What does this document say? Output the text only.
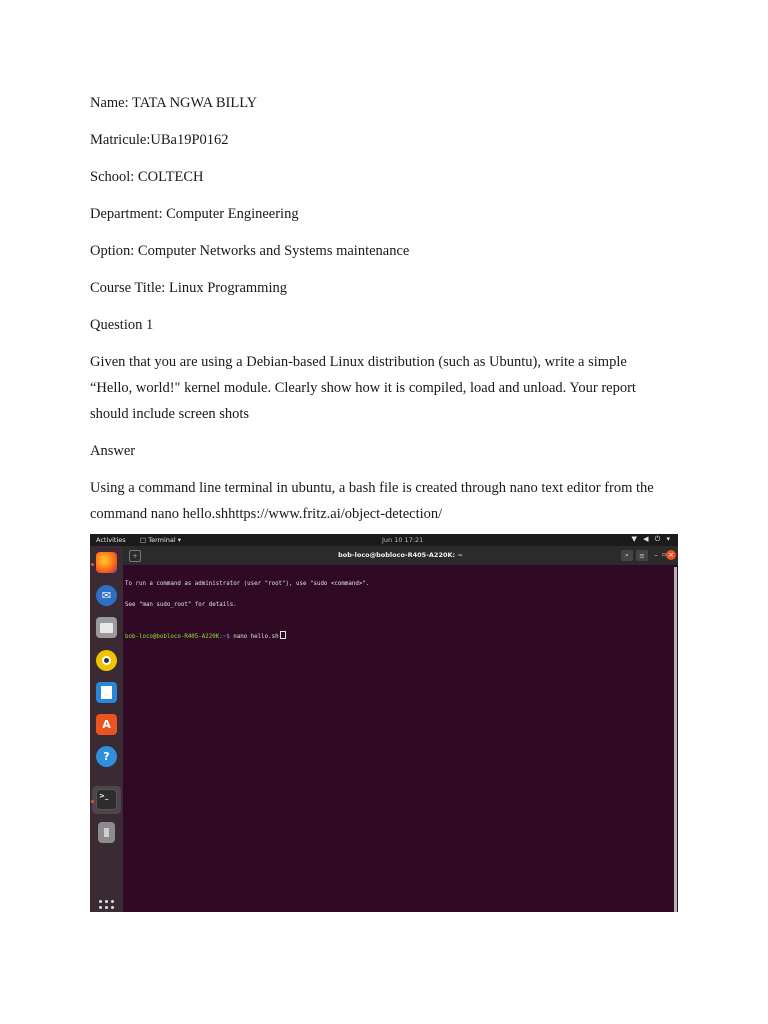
Name: TATA NGWA BILLY

Matricule:UBa19P0162

School: COLTECH

Department: Computer Engineering

Option: Computer Networks and Systems maintenance

Course Title: Linux Programming

Question 1

Given that you are using a Debian-based Linux distribution (such as Ubuntu), write a simple “Hello, world!" kernel module. Clearly show how it is compiled, load and unload. Your report should include screen shots

Answer

Using a command line terminal in ubuntu, a bash file is created through nano text editor from the command nano hello.shhttps://www.fritz.ai/object-detection/

Activities □ Terminal ▾	Jun 10 17:21	▼ ◀ ⏻ ▾
✉
A
?
>_
+	bob-loco@bobloco-R405-A220K: ~	⌕	≡	– ▫ ×

To run a command as administrator (user "root"), use "sudo <command>".

See "man sudo_root" for details.

bob-loco@bobloco-R405-A220K:~$ nano hello.sh
